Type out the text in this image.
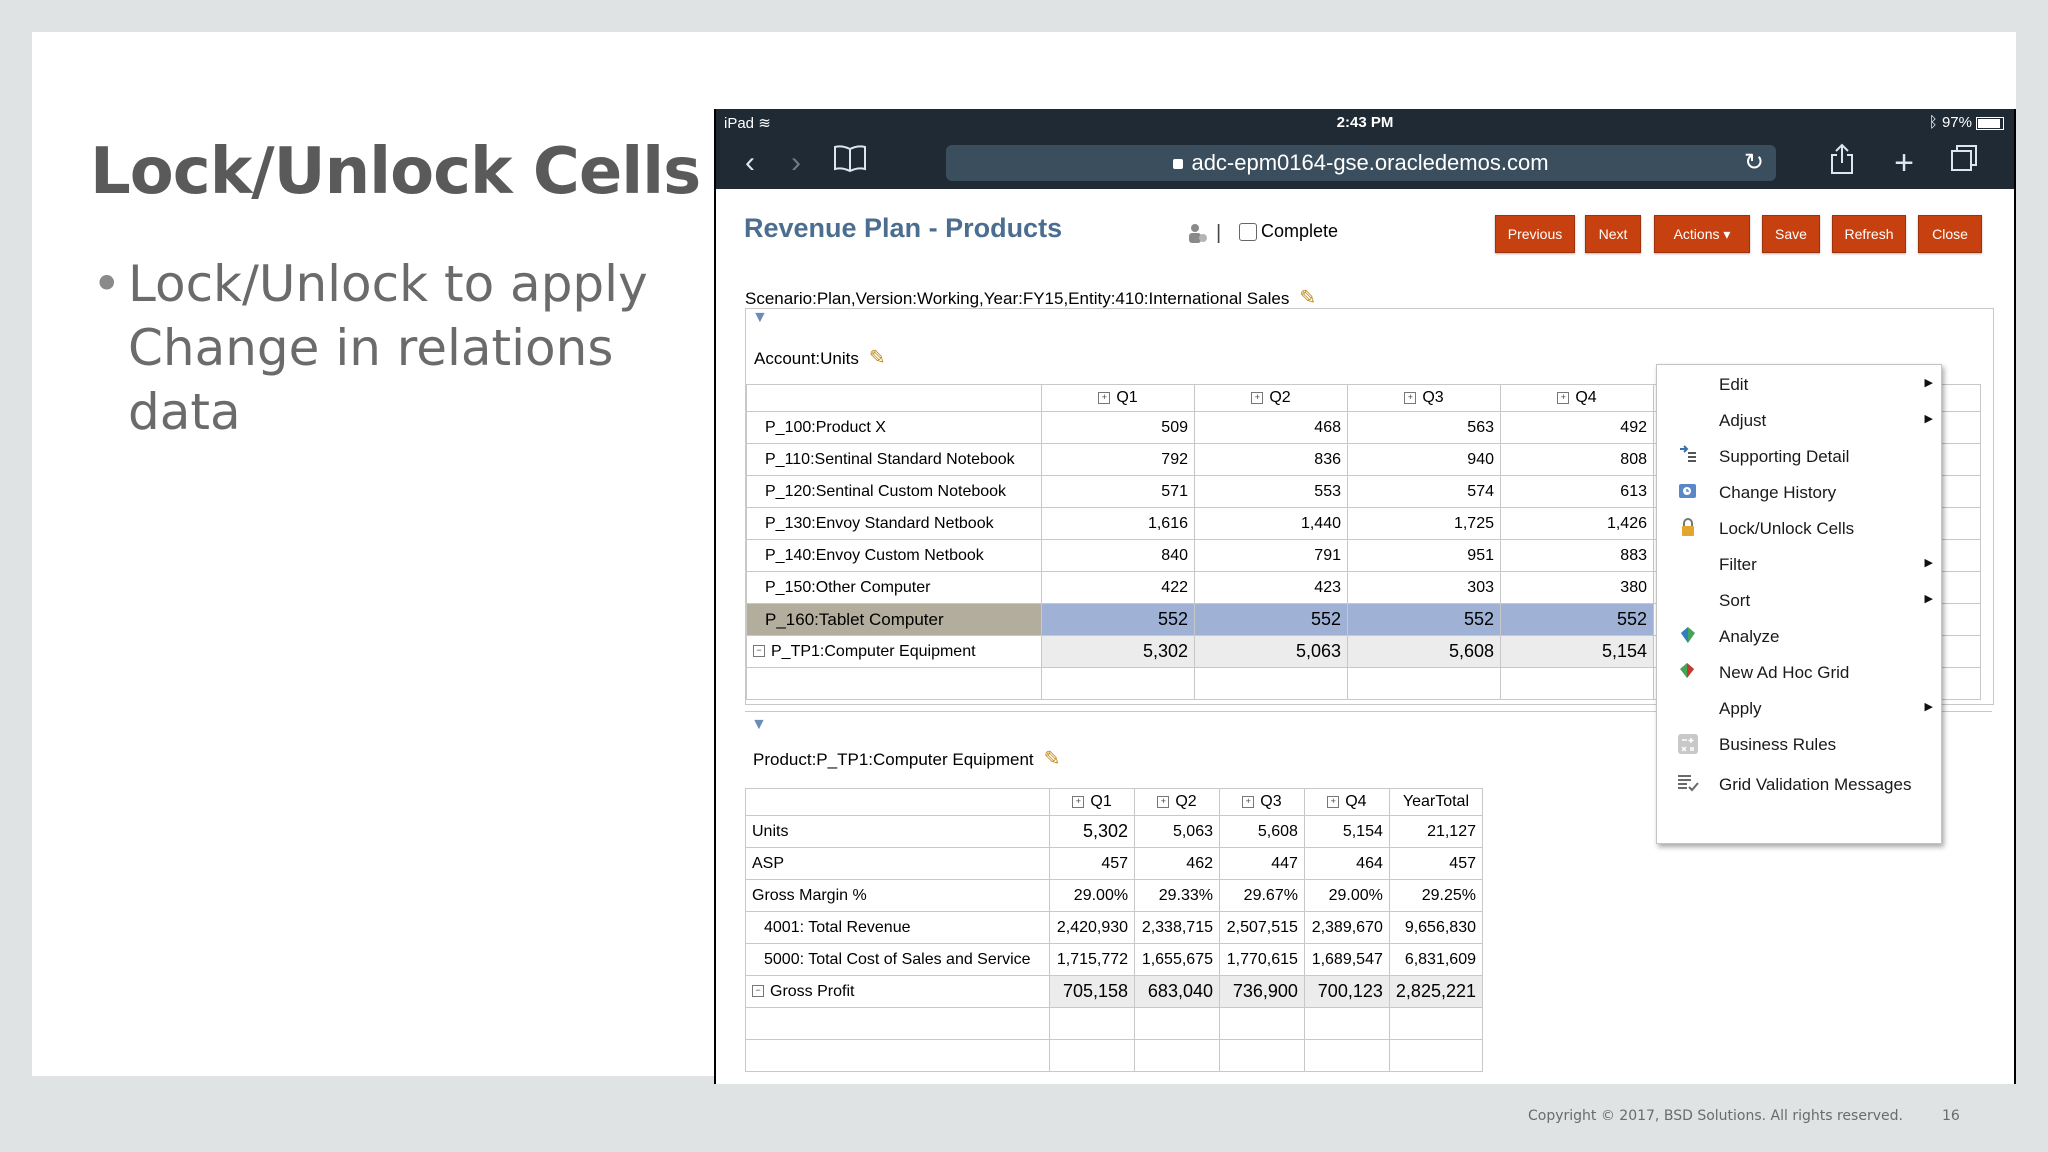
Lock/Unlock Cells
• Lock/Unlock to apply
Change in relations data
iPad ≋	2:43 PM	ᛒ 97%
‹	›	adc-epm0164-gse.oracledemos.com	↻	+
Revenue Plan - Products	|	Complete	Previous	Next	Actions ▾	Save	Refresh	Close
Scenario:Plan,Version:Working,Year:FY15,Entity:410:International Sales ✎
▼
Account:Units ✎
	+ Q1	+ Q2	+ Q3	+ Q4	
P_100:Product X	509	468	563	492	
P_110:Sentinal Standard Notebook	792	836	940	808	
P_120:Sentinal Custom Notebook	571	553	574	613	
P_130:Envoy Standard Netbook	1,616	1,440	1,725	1,426	
P_140:Envoy Custom Netbook	840	791	951	883	
P_150:Other Computer	422	423	303	380	
P_160:Tablet Computer	552	552	552	552	
− P_TP1:Computer Equipment	5,302	5,063	5,608	5,154	

▼
Product:P_TP1:Computer Equipment ✎
	+ Q1	+ Q2	+ Q3	+ Q4	YearTotal
Units	5,302	5,063	5,608	5,154	21,127
ASP	457	462	447	464	457
Gross Margin %	29.00%	29.33%	29.67%	29.00%	29.25%
4001: Total Revenue	2,420,930	2,338,715	2,507,515	2,389,670	9,656,830
5000: Total Cost of Sales and Service	1,715,772	1,655,675	1,770,615	1,689,547	6,831,609
− Gross Profit	705,158	683,040	736,900	700,123	2,825,221

Edit	▶
Adjust	▶
Supporting Detail
Change History
Lock/Unlock Cells
Filter	▶
Sort	▶
Analyze
New Ad Hoc Grid
Apply	▶
Business Rules
Grid Validation Messages
Copyright © 2017, BSD Solutions. All rights reserved.	16
